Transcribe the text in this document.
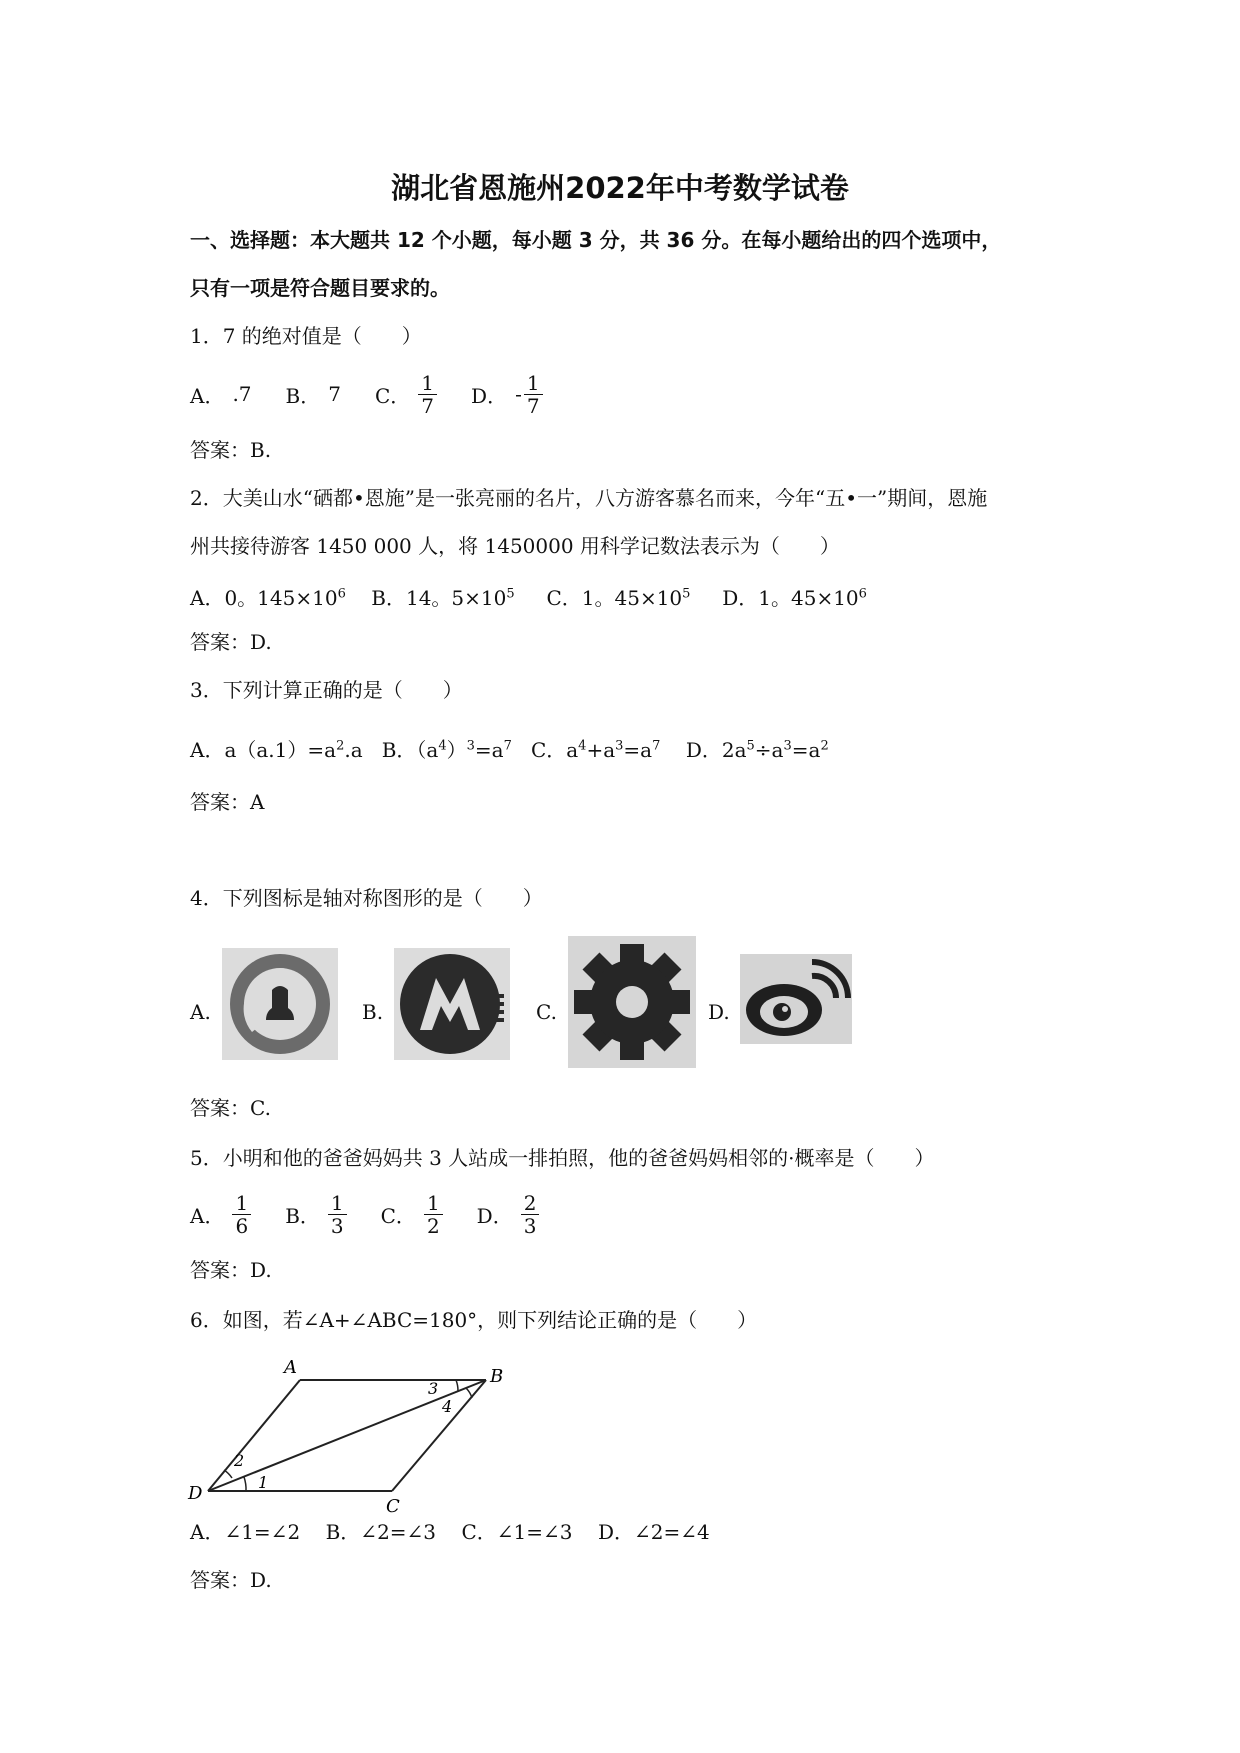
湖北省恩施州2022年中考数学试卷
一、选择题：本大题共 12 个小题，每小题 3 分，共 36 分。在每小题给出的四个选项中，
只有一项是符合题目要求的。
1．7 的绝对值是（　　）
A． .7 B． 7 C． $\frac{1}{7}$ D． - $\frac{1}{7}$
答案：B.
2．大美山水“硒都•恩施”是一张亮丽的名片，八方游客慕名而来，今年“五•一”期间，恩施
州共接待游客 1450 000 人，将 1450000 用科学记数法表示为（　　）
A．0。$145\times 10^6$ B．14。$5\times 10^5$ C．1。$45\times 10^5$ D．1。$45\times 10^6$
答案：D.
3．下列计算正确的是（　　）
A．$a(a.1)=a^2.a$ B．$(a^4)^3=a^7$ C．$a^4+a^3=a^7$ D．$2a^5\div a^3=a^2$
答案：A
4．下列图标是轴对称图形的是（　　）
A.	B.	C.	D.
答案：C.
5．小明和他的爸爸妈妈共 3 人站成一排拍照，他的爸爸妈妈相邻的·概率是（　　）
A． $\frac{1}{6}$ B． $\frac{1}{3}$ C． $\frac{1}{2}$ D． $\frac{2}{3}$
答案：D.
6．如图，若∠A+∠ABC=180°，则下列结论正确的是（　　）
A	B
C
D
1
2
3
4
A．∠1=∠2 B．∠2=∠3 C．∠1=∠3 D．∠2=∠4
答案：D.
